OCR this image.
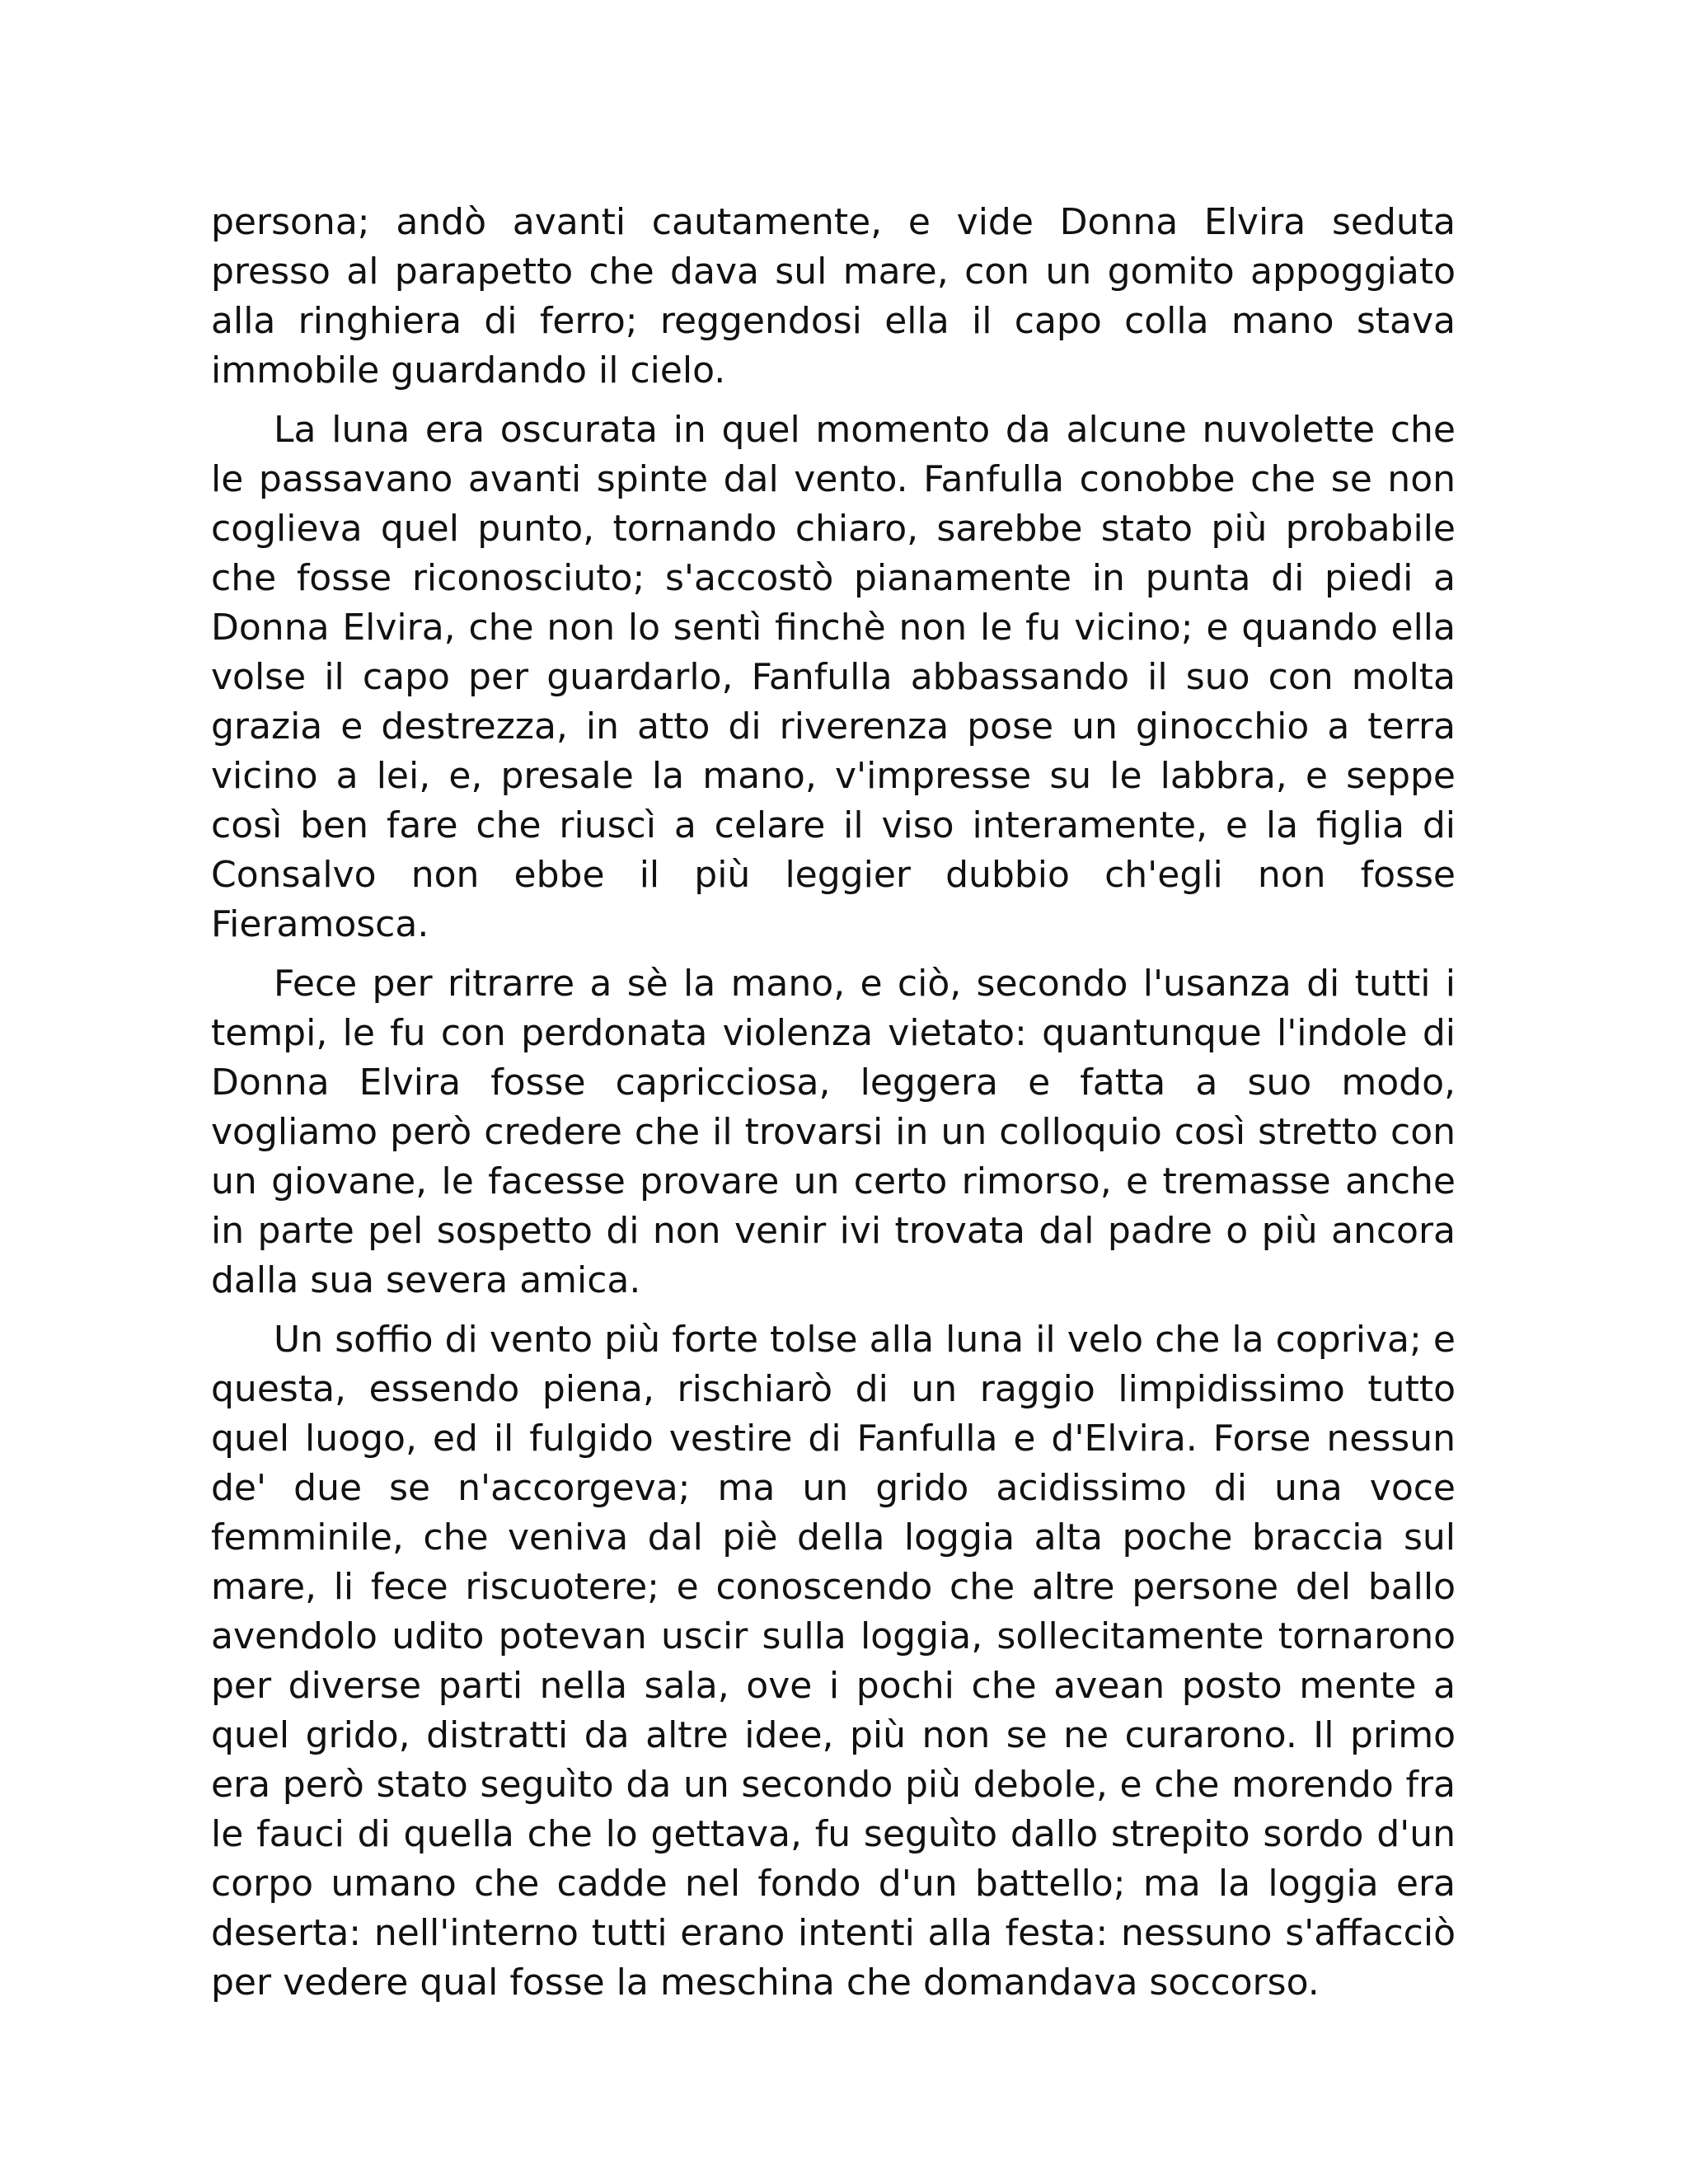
persona; andò avanti cautamente, e vide Donna Elvira seduta presso al parapetto che dava sul mare, con un gomito appoggiato alla ringhiera di ferro; reggendosi ella il capo colla mano stava immobile guardando il cielo.

La luna era oscurata in quel momento da alcune nuvolette che le passavano avanti spinte dal vento. Fanfulla conobbe che se non coglieva quel punto, tornando chiaro, sarebbe stato più probabile che fosse riconosciuto; s'accostò pianamente in punta di piedi a Donna Elvira, che non lo sentì finchè non le fu vicino; e quando ella volse il capo per guardarlo, Fanfulla abbassando il suo con molta grazia e destrezza, in atto di riverenza pose un ginocchio a terra vicino a lei, e, presale la mano, v'impresse su le labbra, e seppe così ben fare che riuscì a celare il viso interamente, e la figlia di Consalvo non ebbe il più leggier dubbio ch'egli non fosse Fieramosca.

Fece per ritrarre a sè la mano, e ciò, secondo l'usanza di tutti i tempi, le fu con perdonata violenza vietato: quantunque l'indole di Donna Elvira fosse capricciosa, leggera e fatta a suo modo, vogliamo però credere che il trovarsi in un colloquio così stretto con un giovane, le facesse provare un certo rimorso, e tremasse anche in parte pel sospetto di non venir ivi trovata dal padre o più ancora dalla sua severa amica.

Un soffio di vento più forte tolse alla luna il velo che la copriva; e questa, essendo piena, rischiarò di un raggio limpidissimo tutto quel luogo, ed il fulgido vestire di Fanfulla e d'Elvira. Forse nessun de' due se n'accorgeva; ma un grido acidissimo di una voce femminile, che veniva dal piè della loggia alta poche braccia sul mare, li fece riscuotere; e conoscendo che altre persone del ballo avendolo udito potevan uscir sulla loggia, sollecitamente tornarono per diverse parti nella sala, ove i pochi che avean posto mente a quel grido, distratti da altre idee, più non se ne curarono. Il primo era però stato seguìto da un secondo più debole, e che morendo fra le fauci di quella che lo gettava, fu seguìto dallo strepito sordo d'un corpo umano che cadde nel fondo d'un battello; ma la loggia era deserta: nell'interno tutti erano intenti alla festa: nessuno s'affacciò per vedere qual fosse la meschina che domandava soccorso.
